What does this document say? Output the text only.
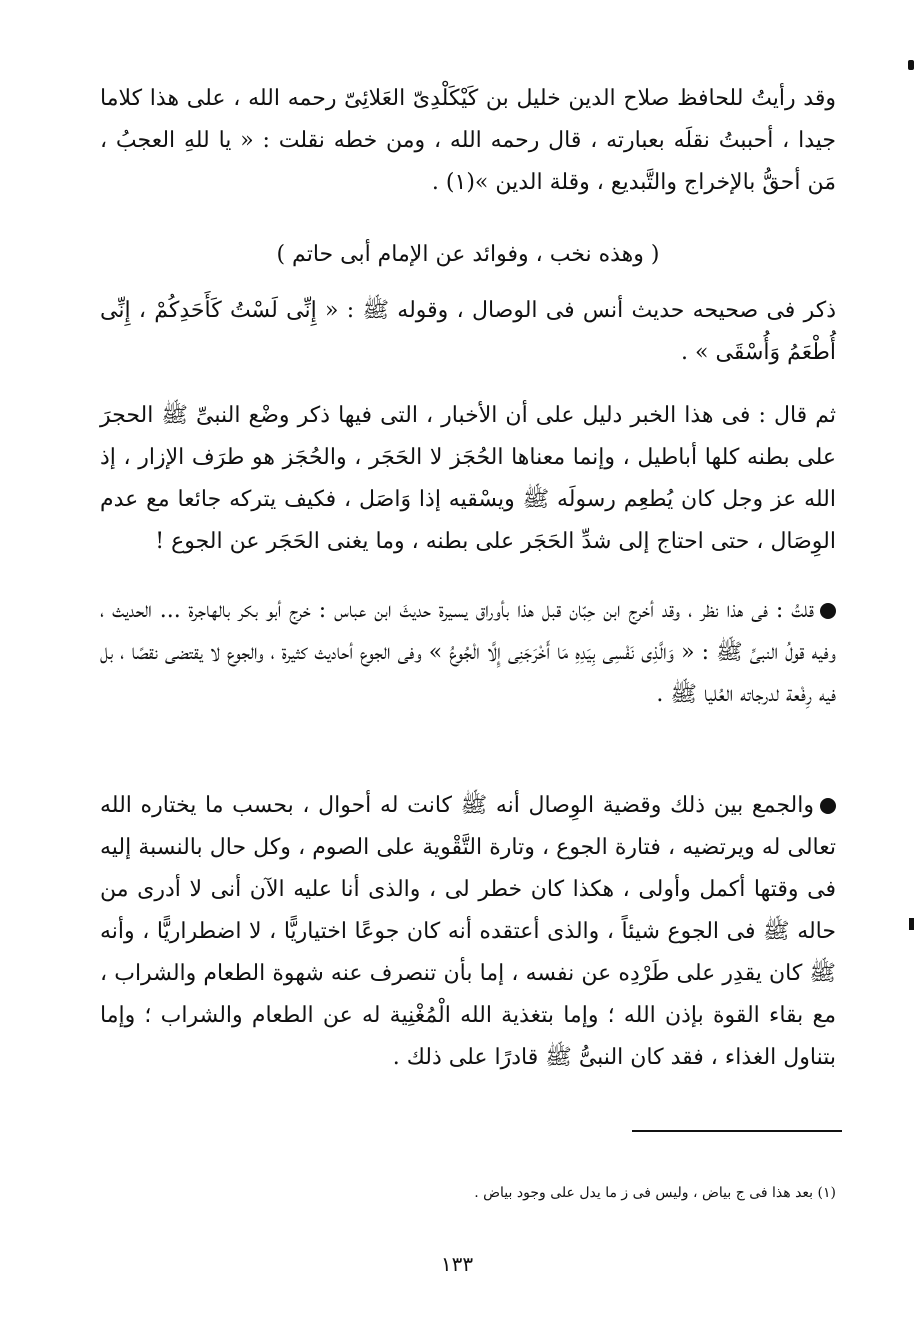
وقد رأيتُ للحافظ صلاح الدين خليل بن كَيْكَلْدِىّ العَلائِىّ رحمه الله ، على هذا كلاما جيدا ، أحببتُ نقلَه بعبارته ، قال رحمه الله ، ومن خطه نقلت : « يا للهِ العجبُ ، مَن أحقُّ بالإخراج والتَّبديع ، وقلة الدين »(١) .

( وهذه نخب ، وفوائد عن الإمام أبى حاتم )

ذكر فى صحيحه حديث أنس فى الوصال ، وقوله ﷺ : « إِنِّى لَسْتُ كَأَحَدِكُمْ ، إِنِّى أُطْعَمُ وَأُسْقَى » .

ثم قال : فى هذا الخبر دليل على أن الأخبار ، التى فيها ذكر وضْع النبىِّ ﷺ الحجرَ على بطنه كلها أباطيل ، وإنما معناها الحُجَز لا الحَجَر ، والحُجَز هو طرَف الإزار ، إذ الله عز وجل كان يُطعِم رسولَه ﷺ ويسْقيه إذا وَاصَل ، فكيف يتركه جائعا مع عدم الوِصَال ، حتى احتاج إلى شدِّ الحَجَر على بطنه ، وما يغنى الحَجَر عن الجوع !

قلتُ : فى هذا نظر ، وقد أخرج ابن حِبّان قبل هذا بأوراق يسيرة حديثَ ابن عباس : خرج أبو بكر بالهاجرة ... الحديث ، وفيه قولُ النبىِّ ﷺ : « وَالَّذِى نَفْسِى بِيَدِهِ مَا أَخْرَجَنِى إِلَّا الْجُوعُ » وفى الجوع أحاديث كثيرة ، والجوع لا يقتضى نقصًا ، بل فيه رِفْعة لدرجاته العُليا ﷺ .

والجمع بين ذلك وقضية الوِصال أنه ﷺ كانت له أحوال ، بحسب ما يختاره الله تعالى له ويرتضيه ، فتارة الجوع ، وتارة التَّقْوية على الصوم ، وكل حال بالنسبة إليه فى وقتها أكمل وأولى ، هكذا كان خطر لى ، والذى أنا عليه الآن أنى لا أدرى من حاله ﷺ فى الجوع شيئاً ، والذى أعتقده أنه كان جوعًا اختياريًّا ، لا اضطراريًّا ، وأنه ﷺ كان يقدِر على طَرْدِه عن نفسه ، إما بأن تنصرف عنه شهوة الطعام والشراب ، مع بقاء القوة بإذن الله ؛ وإما بتغذية الله الْمُغْنِية له عن الطعام والشراب ؛ وإما بتناول الغذاء ، فقد كان النبىُّ ﷺ قادرًا على ذلك .

(١) بعد هذا فى ج بياض ، وليس فى ز ما يدل على وجود بياض .
١٣٣
